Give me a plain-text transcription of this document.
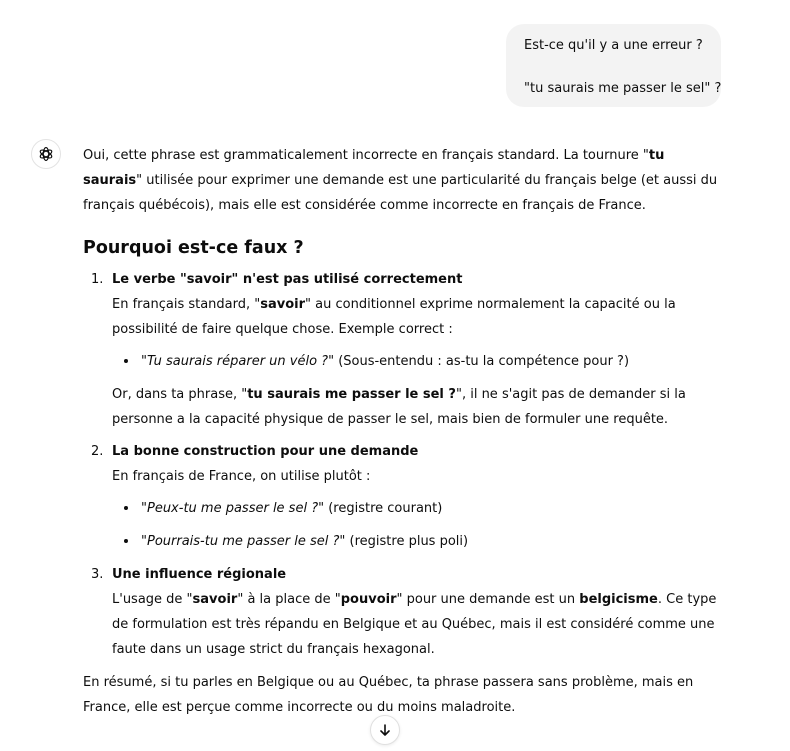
Est-ce qu'il y a une erreur ?

"tu saurais me passer le sel" ?

Oui, cette phrase est grammaticalement incorrecte en français standard. La tournure "tu saurais" utilisée pour exprimer une demande est une particularité du français belge (et aussi du français québécois), mais elle est considérée comme incorrecte en français de France.

Pourquoi est-ce faux ?
1. Le verbe "savoir" n'est pas utilisé correctement

En français standard, "savoir" au conditionnel exprime normalement la capacité ou la possibilité de faire quelque chose. Exemple correct :

"Tu saurais réparer un vélo ?" (Sous-entendu : as-tu la compétence pour ?)

Or, dans ta phrase, "tu saurais me passer le sel ?", il ne s'agit pas de demander si la personne a la capacité physique de passer le sel, mais bien de formuler une requête.

2. La bonne construction pour une demande

En français de France, on utilise plutôt :

"Peux-tu me passer le sel ?" (registre courant)
"Pourrais-tu me passer le sel ?" (registre plus poli)
3. Une influence régionale

L'usage de "savoir" à la place de "pouvoir" pour une demande est un belgicisme. Ce type de formulation est très répandu en Belgique et au Québec, mais il est considéré comme une faute dans un usage strict du français hexagonal.

En résumé, si tu parles en Belgique ou au Québec, ta phrase passera sans problème, mais en France, elle est perçue comme incorrecte ou du moins maladroite.
